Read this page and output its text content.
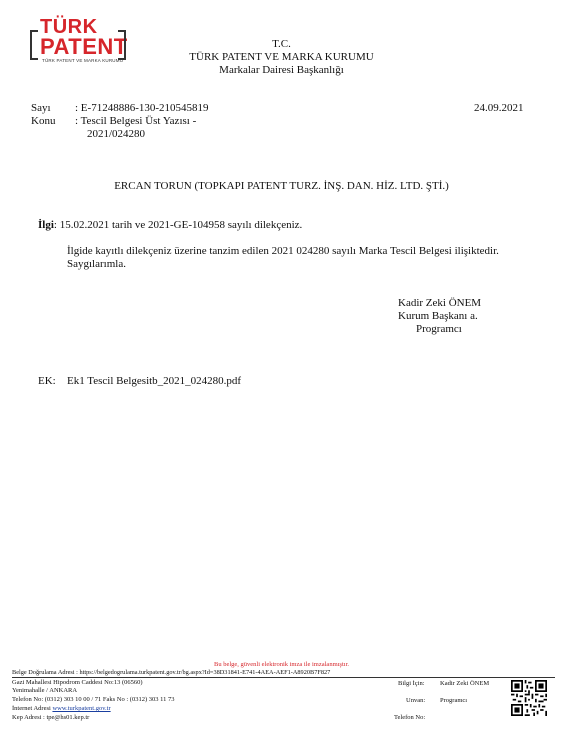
TÜRK
PATENT
TÜRK PATENT VE MARKA KURUMU
T.C.
TÜRK PATENT VE MARKA KURUMU
Markalar Dairesi Başkanlığı
Sayı : E-71248886-130-210545819	24.09.2021
Konu : Tescil Belgesi Üst Yazısı -
2021/024280
ERCAN TORUN (TOPKAPI PATENT TURZ. İNŞ. DAN. HİZ. LTD. ŞTİ.)
İlgi: 15.02.2021 tarih ve 2021-GE-104958 sayılı dilekçeniz.
İlgide kayıtlı dilekçeniz üzerine tanzim edilen 2021 024280 sayılı Marka Tescil Belgesi ilişiktedir.
Saygılarımla.
Kadir Zeki ÖNEM
Kurum Başkanı a.
Programcı
EK: Ek1 Tescil Belgesitb_2021_024280.pdf
Bu belge, güvenli elektronik imza ile imzalanmıştır.
Belge Doğrulama Adresi : https://belgedogrulama.turkpatent.gov.tr/bg.aspx?Id=38D31841-E741-4AEA-AEF1-A8920B7F827
Gazi Mahallesi Hipodrom Caddesi No:13 (06560)
Yenimahalle / ANKARA
Telefon No: (0312) 303 10 00 / 71 Faks No : (0312) 303 11 73
İnternet Adresi www.turkpatent.gov.tr
Kep Adresi : tpe@hs01.kep.tr
Bilgi İçin: Kadir Zeki ÖNEM
Unvan: Programcı
Telefon No:
